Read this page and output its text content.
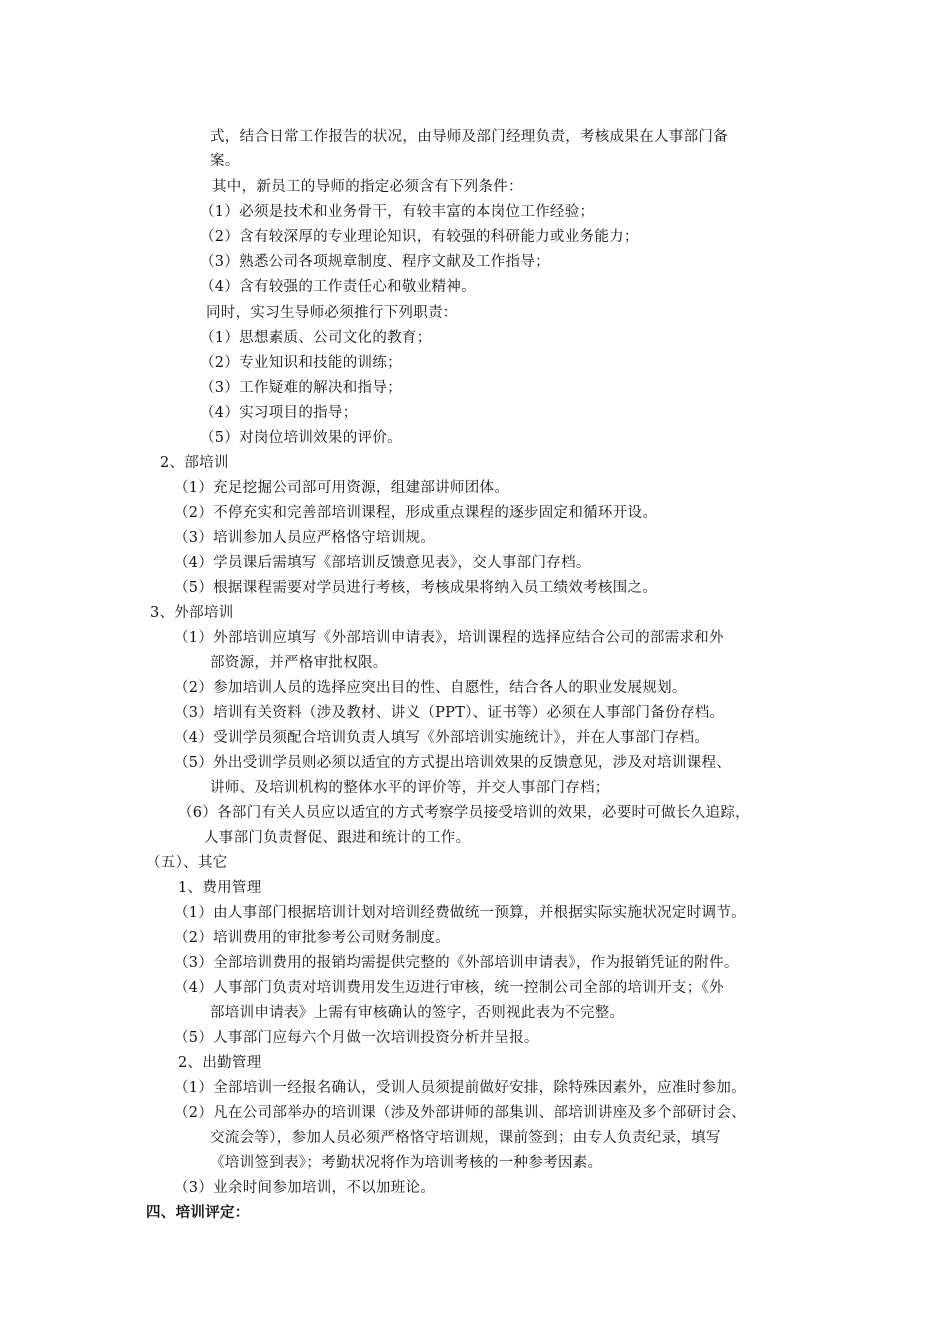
式，结合日常工作报告的状况，由导师及部门经理负责，考核成果在人事部门备

案。

其中，新员工的导师的指定必须含有下列条件：

（1）必须是技术和业务骨干，有较丰富的本岗位工作经验；

（2）含有较深厚的专业理论知识，有较强的科研能力或业务能力；

（3）熟悉公司各项规章制度、程序文献及工作指导；

（4）含有较强的工作责任心和敬业精神。

同时，实习生导师必须推行下列职责：

（1）思想素质、公司文化的教育；

（2）专业知识和技能的训练；

（3）工作疑难的解决和指导；

（4）实习项目的指导；

（5）对岗位培训效果的评价。

2、部培训

（1）充足挖掘公司部可用资源，组建部讲师团体。

（2）不停充实和完善部培训课程，形成重点课程的逐步固定和循环开设。

（3）培训参加人员应严格恪守培训规。

（4）学员课后需填写《部培训反馈意见表》，交人事部门存档。

（5）根据课程需要对学员进行考核，考核成果将纳入员工绩效考核围之。

3、外部培训

（1）外部培训应填写《外部培训申请表》，培训课程的选择应结合公司的部需求和外

部资源，并严格审批权限。

（2）参加培训人员的选择应突出目的性、自愿性，结合各人的职业发展规划。

（3）培训有关资料（涉及教材、讲义（PPT）、证书等）必须在人事部门备份存档。

（4）受训学员须配合培训负责人填写《外部培训实施统计》，并在人事部门存档。

（5）外出受训学员则必须以适宜的方式提出培训效果的反馈意见，涉及对培训课程、

讲师、及培训机构的整体水平的评价等，并交人事部门存档；

（6）各部门有关人员应以适宜的方式考察学员接受培训的效果，必要时可做长久追踪，

人事部门负责督促、跟进和统计的工作。

（五）、其它

1、费用管理

（1）由人事部门根据培训计划对培训经费做统一预算，并根据实际实施状况定时调节。

（2）培训费用的审批参考公司财务制度。

（3）全部培训费用的报销均需提供完整的《外部培训申请表》，作为报销凭证的附件。

（4）人事部门负责对培训费用发生迈进行审核，统一控制公司全部的培训开支；《外

部培训申请表》上需有审核确认的签字，否则视此表为不完整。

（5）人事部门应每六个月做一次培训投资分析并呈报。

2、出勤管理

（1）全部培训一经报名确认，受训人员须提前做好安排，除特殊因素外，应准时参加。

（2）凡在公司部举办的培训课（涉及外部讲师的部集训、部培训讲座及多个部研讨会、

交流会等），参加人员必须严格恪守培训规，课前签到；由专人负责纪录，填写

《培训签到表》；考勤状况将作为培训考核的一种参考因素。

（3）业余时间参加培训，不以加班论。

四、培训评定：
